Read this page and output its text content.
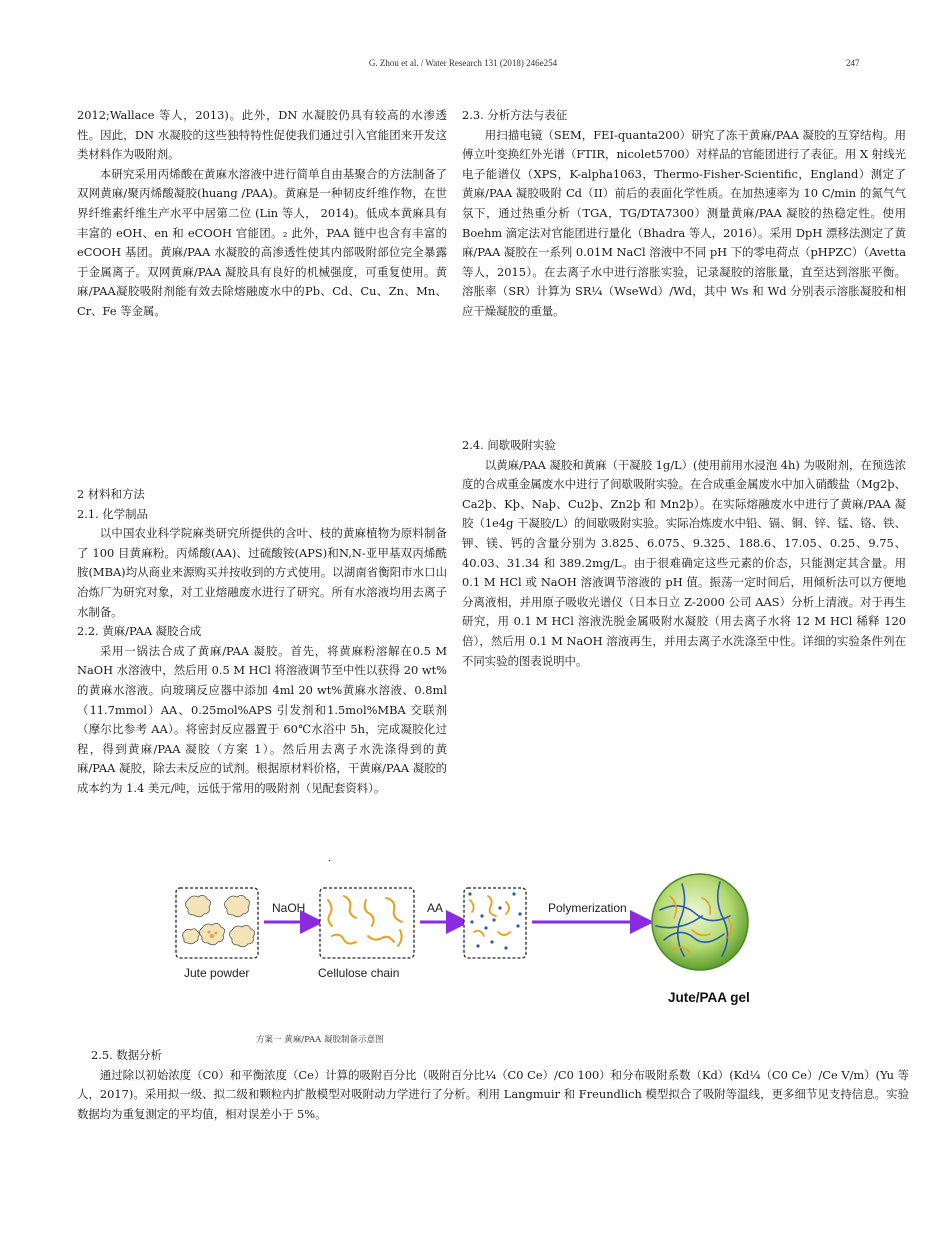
G. Zhou et al. / Water Research 131 (2018) 246e254	247

2012;Wallace 等人，2013)。此外，DN 水凝胶仍具有较高的水渗透性。因此，DN 水凝胶的这些独特特性促使我们通过引入官能团来开发这类材料作为吸附剂。

本研究采用丙烯酸在黄麻水溶液中进行简单自由基聚合的方法制备了双网黄麻/聚丙烯酸凝胶(huang /PAA)。黄麻是一种韧皮纤维作物，在世界纤维素纤维生产水平中居第二位 (Lin 等人， 2014)。低成本黄麻具有丰富的 eOH、en 和 eCOOH 官能团。₂ 此外，PAA 链中也含有丰富的 eCOOH 基团。黄麻/PAA 水凝胶的高渗透性使其内部吸附部位完全暴露于金属离子。双网黄麻/PAA 凝胶具有良好的机械强度，可重复使用。黄麻/PAA凝胶吸附剂能有效去除熔融废水中的Pb、Cd、Cu、Zn、Mn、Cr、Fe 等金属。

2 材料和方法

2.1. 化学制品

以中国农业科学院麻类研究所提供的含叶、枝的黄麻植物为原料制备了 100 目黄麻粉。丙烯酸(AA)、过硫酸铵(APS)和N,N-亚甲基双丙烯酰胺(MBA)均从商业来源购买并按收到的方式使用。以湖南省衡阳市水口山冶炼厂为研究对象，对工业熔融废水进行了研究。所有水溶液均用去离子水制备。

2.2. 黄麻/PAA 凝胶合成

采用一锅法合成了黄麻/PAA 凝胶。首先，将黄麻粉溶解在0.5 M NaOH 水溶液中，然后用 0.5 M HCl 将溶液调节至中性以获得 20 wt%的黄麻水溶液。向玻璃反应器中添加 4ml 20 wt%黄麻水溶液、0.8ml（11.7mmol）AA、0.25mol%APS 引发剂和1.5mol%MBA 交联剂（摩尔比参考 AA）。将密封反应器置于 60℃水浴中 5h，完成凝胶化过程，得到黄麻/PAA 凝胶（方案 1）。然后用去离子水洗涤得到的黄麻/PAA 凝胶，除去未反应的试剂。根据原材料价格，干黄麻/PAA 凝胶的成本约为 1.4 美元/吨，远低于常用的吸附剂（见配套资料）。

2.3. 分析方法与表征

用扫描电镜（SEM，FEI-quanta200）研究了冻干黄麻/PAA 凝胶的互穿结构。用傅立叶变换红外光谱（FTIR，nicolet5700）对样品的官能团进行了表征。用 X 射线光电子能谱仪（XPS，K-alpha1063，Thermo-Fisher-Scientific，England）测定了黄麻/PAA 凝胶吸附 Cd（II）前后的表面化学性质。在加热速率为 10 C/min 的氮气气氛下，通过热重分析（TGA，TG/DTA7300）测量黄麻/PAA 凝胶的热稳定性。使用 Boehm 滴定法对官能团进行量化（Bhadra 等人，2016）。采用 DpH 漂移法测定了黄麻/PAA 凝胶在一系列 0.01M NaCl 溶液中不同 pH 下的零电荷点（pHPZC）（Avetta 等人，2015）。在去离子水中进行溶胀实验，记录凝胶的溶胀量，直至达到溶胀平衡。溶胀率（SR）计算为 SR¼（WseWd）/Wd，其中 Ws 和 Wd 分别表示溶胀凝胶和相应干燥凝胶的重量。

2.4. 间歇吸附实验

以黄麻/PAA 凝胶和黄麻（干凝胶 1g/L）(使用前用水浸泡 4h) 为吸附剂，在预选浓度的合成重金属废水中进行了间歇吸附实验。在合成重金属废水中加入硝酸盐（Mg2þ、Ca2þ、Kþ、Naþ、Cu2þ、Zn2þ 和 Mn2þ）。在实际熔融废水中进行了黄麻/PAA 凝胶（1e4g 干凝胶/L）的间歇吸附实验。实际冶炼废水中铅、镉、铜、锌、锰、铬、铁、钾、镁、钙的含量分别为 3.825、6.075、9.325、188.6、17.05、0.25、9.75、40.03、31.34 和 389.2mg/L。由于很难确定这些元素的价态，只能测定其含量。用 0.1 M HCl 或 NaOH 溶液调节溶液的 pH 值。振荡一定时间后，用倾析法可以方便地分离液相，并用原子吸收光谱仪（日本日立 Z-2000 公司 AAS）分析上清液。对于再生研究，用 0.1 M HCl 溶液洗脱金属吸附水凝胶（用去离子水将 12 M HCl 稀释 120 倍），然后用 0.1 M NaOH 溶液再生，并用去离子水洗涤至中性。详细的实验条件列在不同实验的图表说明中。

.
Jute powder
NaOH
Cellulose chain
AA	Polymerization
Jute/PAA gel
方案一 黄麻/PAA 凝胶制备示意图

2.5. 数据分析

通过除以初始浓度（C0）和平衡浓度（Ce）计算的吸附百分比（吸附百分比¼（C0 Ce）/C0 100）和分布吸附系数（Kd）(Kd¼（C0 Ce）/Ce V/m）(Yu 等人，2017)。采用拟一级、拟二级和颗粒内扩散模型对吸附动力学进行了分析。利用 Langmuir 和 Freundlich 模型拟合了吸附等温线，更多细节见支持信息。实验数据均为重复测定的平均值，相对误差小于 5%。
